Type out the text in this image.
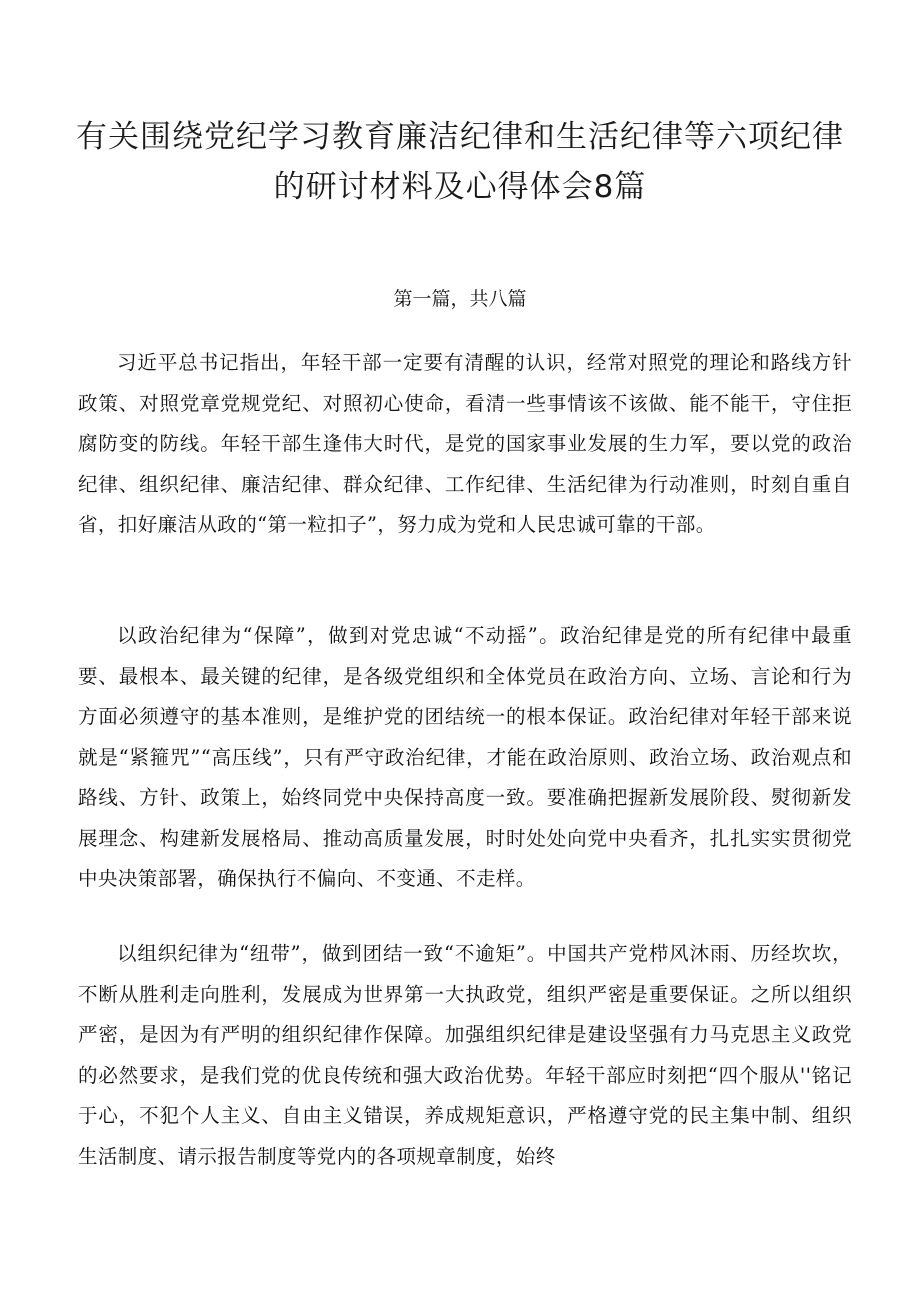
有关围绕党纪学习教育廉洁纪律和生活纪律等六项纪律的研讨材料及心得体会8篇

第一篇，共八篇

习近平总书记指出，年轻干部一定要有清醒的认识，经常对照党的理论和路线方针政策、对照党章党规党纪、对照初心使命，看清一些事情该不该做、能不能干，守住拒腐防变的防线。年轻干部生逢伟大时代，是党的国家事业发展的生力军，要以党的政治纪律、组织纪律、廉洁纪律、群众纪律、工作纪律、生活纪律为行动准则，时刻自重自省，扣好廉洁从政的“第一粒扣子”，努力成为党和人民忠诚可靠的干部。

以政治纪律为“保障”，做到对党忠诚“不动摇”。政治纪律是党的所有纪律中最重要、最根本、最关键的纪律，是各级党组织和全体党员在政治方向、立场、言论和行为方面必须遵守的基本准则，是维护党的团结统一的根本保证。政治纪律对年轻干部来说就是“紧箍咒”“高压线”，只有严守政治纪律，才能在政治原则、政治立场、政治观点和路线、方针、政策上，始终同党中央保持高度一致。要准确把握新发展阶段、熨彻新发展理念、构建新发展格局、推动高质量发展，时时处处向党中央看齐，扎扎实实贯彻党中央决策部署，确保执行不偏向、不变通、不走样。

以组织纪律为“纽带”，做到团结一致“不逾矩”。中国共产党栉风沐雨、历经坎坎，不断从胜利走向胜利，发展成为世界第一大执政党，组织严密是重要保证。之所以组织严密，是因为有严明的组织纪律作保障。加强组织纪律是建设坚强有力马克思主义政党的必然要求，是我们党的优良传统和强大政治优势。年轻干部应时刻把“四个服从''铭记于心，不犯个人主义、自由主义错误，养成规矩意识，严格遵守党的民主集中制、组织生活制度、请示报告制度等党内的各项规章制度，始终
